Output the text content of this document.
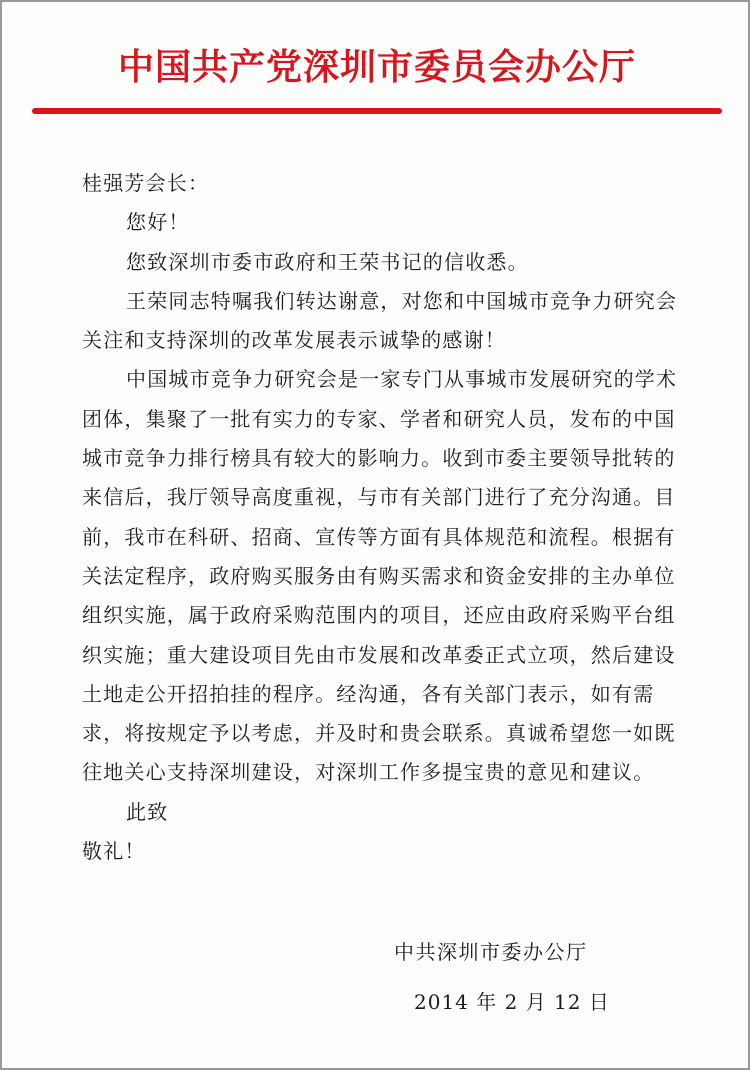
中国共产党深圳市委员会办公厅

桂强芳会长：

您好！

您致深圳市委市政府和王荣书记的信收悉。

王荣同志特嘱我们转达谢意，对您和中国城市竞争力研究会关注和支持深圳的改革发展表示诚挚的感谢！

中国城市竞争力研究会是一家专门从事城市发展研究的学术团体，集聚了一批有实力的专家、学者和研究人员，发布的中国城市竞争力排行榜具有较大的影响力。收到市委主要领导批转的来信后，我厅领导高度重视，与市有关部门进行了充分沟通。目前，我市在科研、招商、宣传等方面有具体规范和流程。根据有关法定程序，政府购买服务由有购买需求和资金安排的主办单位组织实施，属于政府采购范围内的项目，还应由政府采购平台组织实施；重大建设项目先由市发展和改革委正式立项，然后建设土地走公开招拍挂的程序。经沟通，各有关部门表示，如有需求，将按规定予以考虑，并及时和贵会联系。真诚希望您一如既往地关心支持深圳建设，对深圳工作多提宝贵的意见和建议。

此致

敬礼！

中共深圳市委办公厅
2014 年 2 月 12 日
